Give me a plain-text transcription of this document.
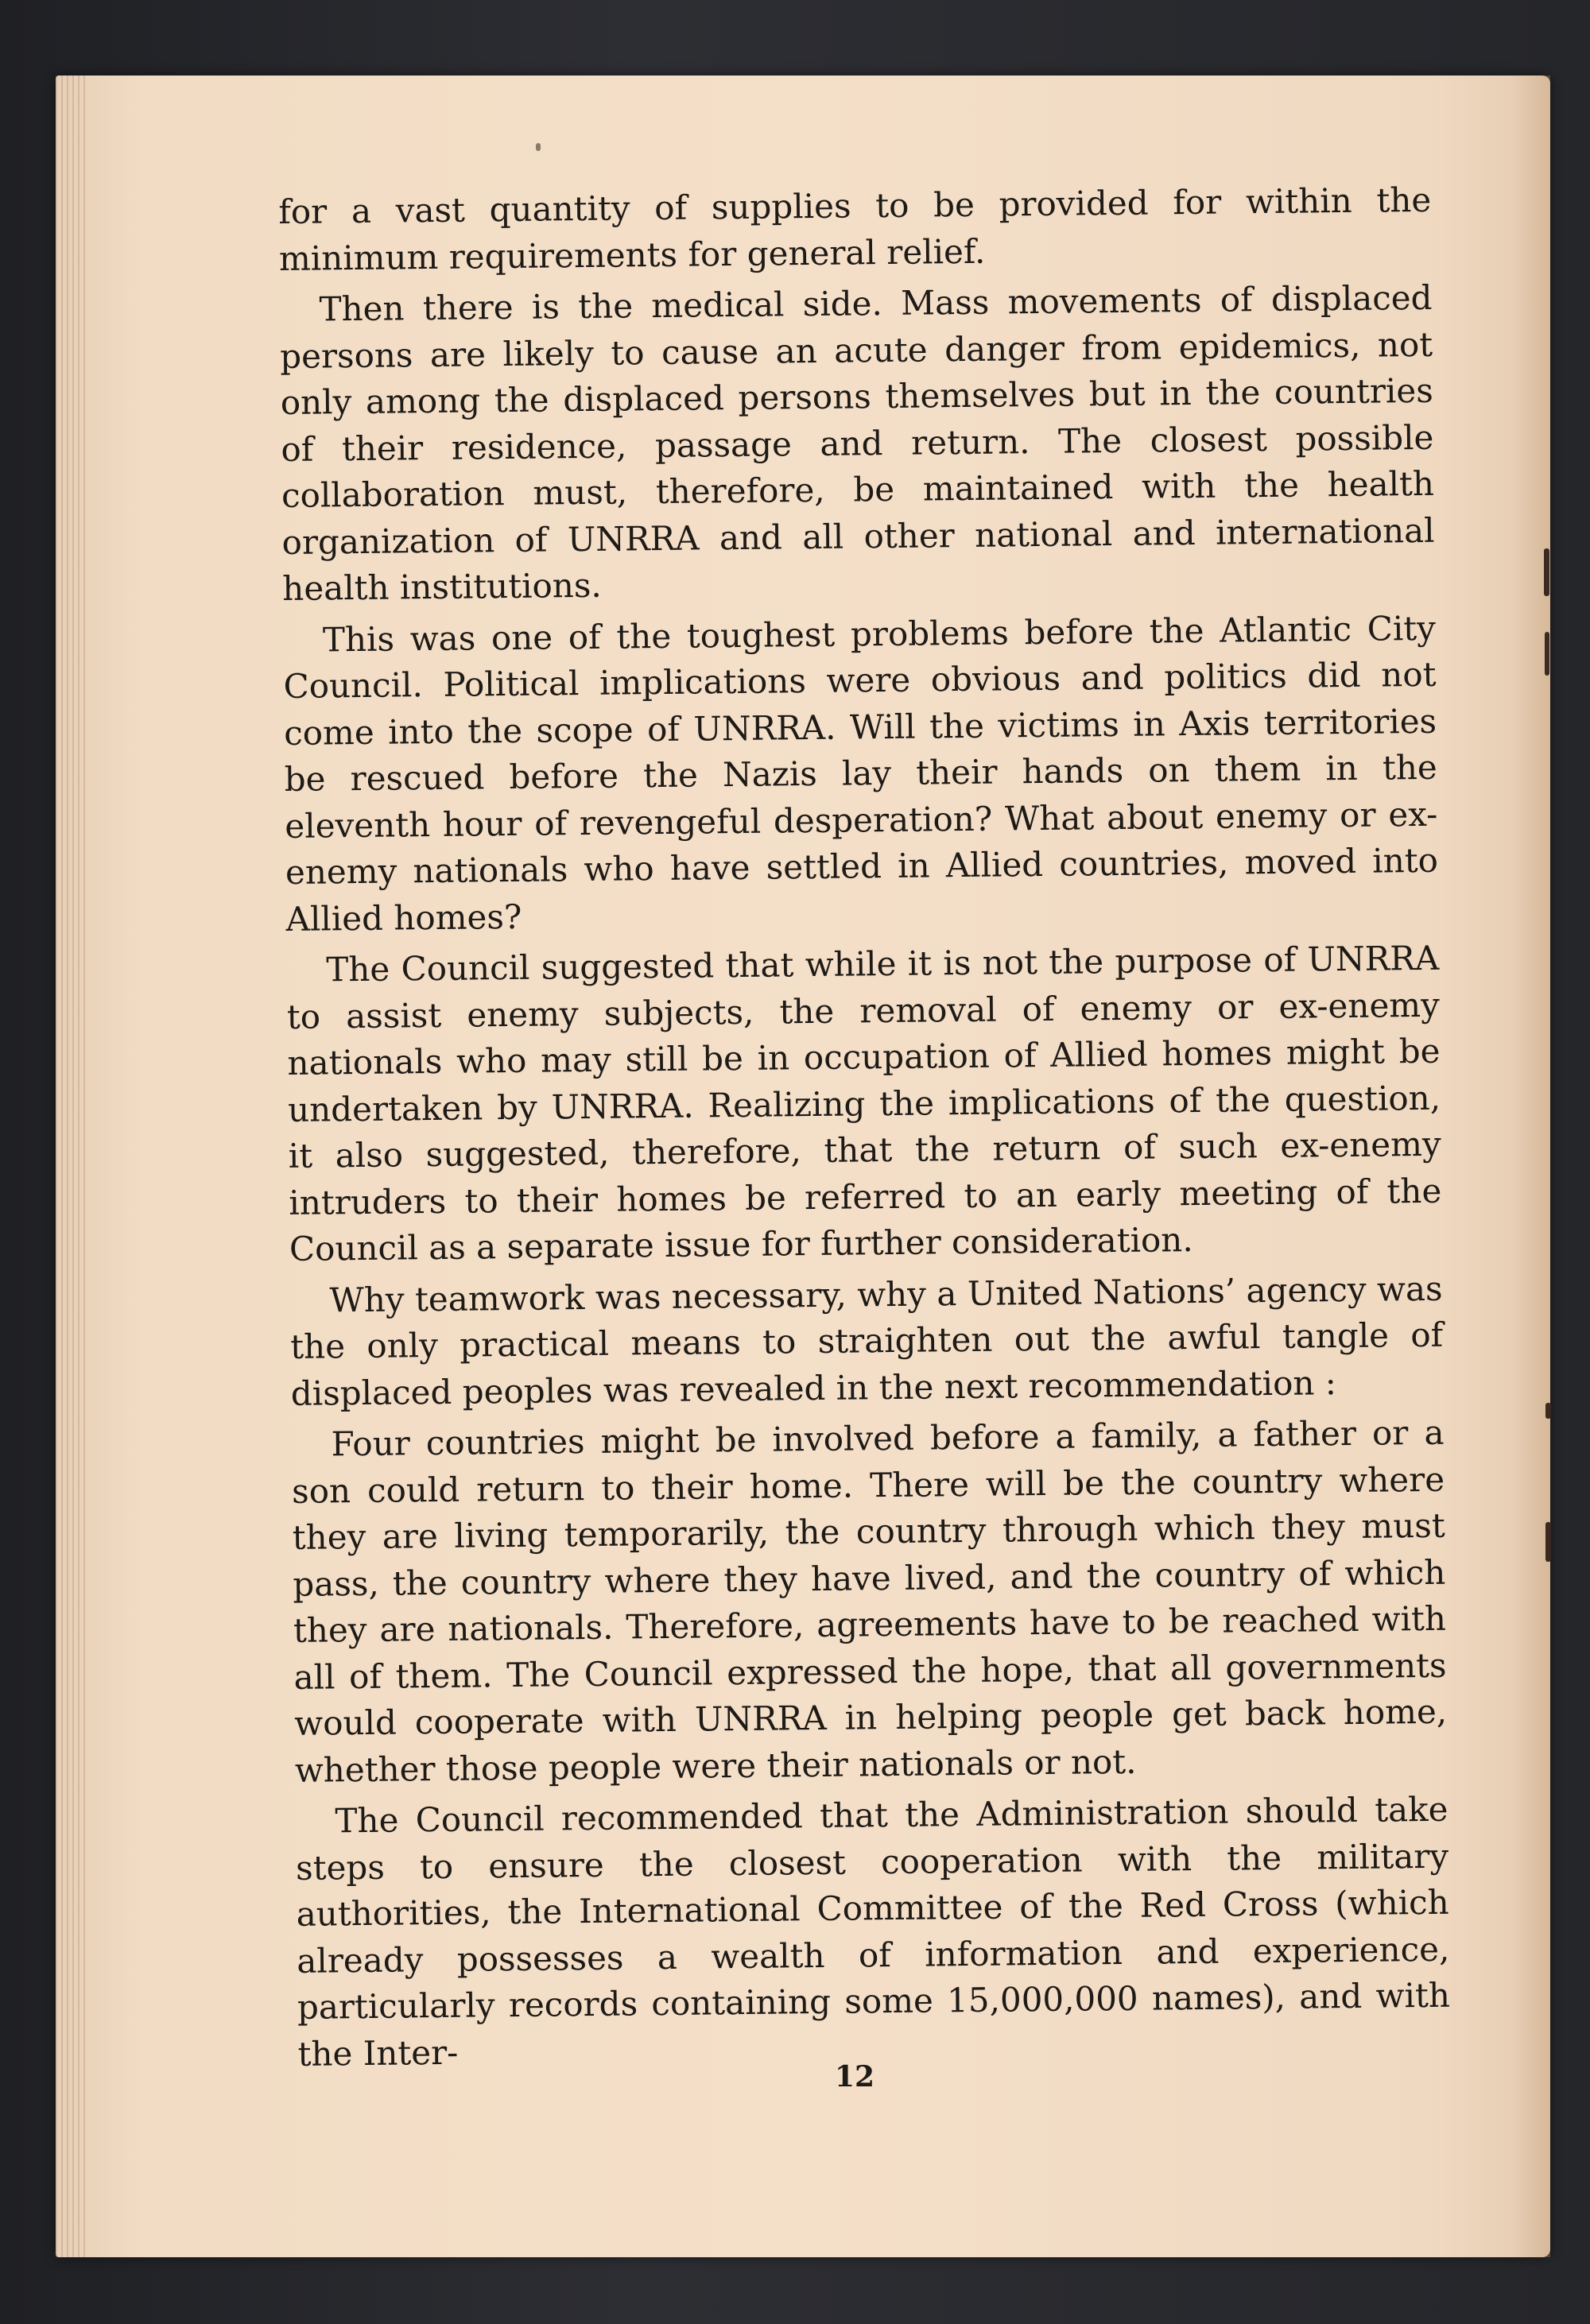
for a vast quantity of supplies to be provided for within the minimum requirements for general relief.

Then there is the medical side. Mass movements of displaced persons are likely to cause an acute danger from epidemics, not only among the displaced persons themselves but in the countries of their residence, passage and return. The closest possible collaboration must, therefore, be maintained with the health organization of UNRRA and all other national and international health institutions.

This was one of the toughest problems before the Atlantic City Council. Political implications were obvious and politics did not come into the scope of UNRRA. Will the victims in Axis territories be rescued before the Nazis lay their hands on them in the eleventh hour of revengeful desperation? What about enemy or ex-enemy nationals who have settled in Allied countries, moved into Allied homes?

The Council suggested that while it is not the purpose of UNRRA to assist enemy subjects, the removal of enemy or ex-enemy nationals who may still be in occupation of Allied homes might be undertaken by UNRRA. Realizing the implications of the question, it also suggested, therefore, that the return of such ex-enemy intruders to their homes be referred to an early meeting of the Council as a separate issue for further consideration.

Why teamwork was necessary, why a United Nations’ agency was the only practical means to straighten out the awful tangle of displaced peoples was revealed in the next recommendation :

Four countries might be involved before a family, a father or a son could return to their home. There will be the country where they are living temporarily, the country through which they must pass, the country where they have lived, and the country of which they are nationals. Therefore, agreements have to be reached with all of them. The Council expressed the hope, that all governments would cooperate with UNRRA in helping people get back home, whether those people were their nationals or not.

The Council recommended that the Administration should take steps to ensure the closest cooperation with the military authorities, the International Committee of the Red Cross (which already possesses a wealth of information and experience, particularly records containing some 15,000,000 names), and with the Inter-

12
